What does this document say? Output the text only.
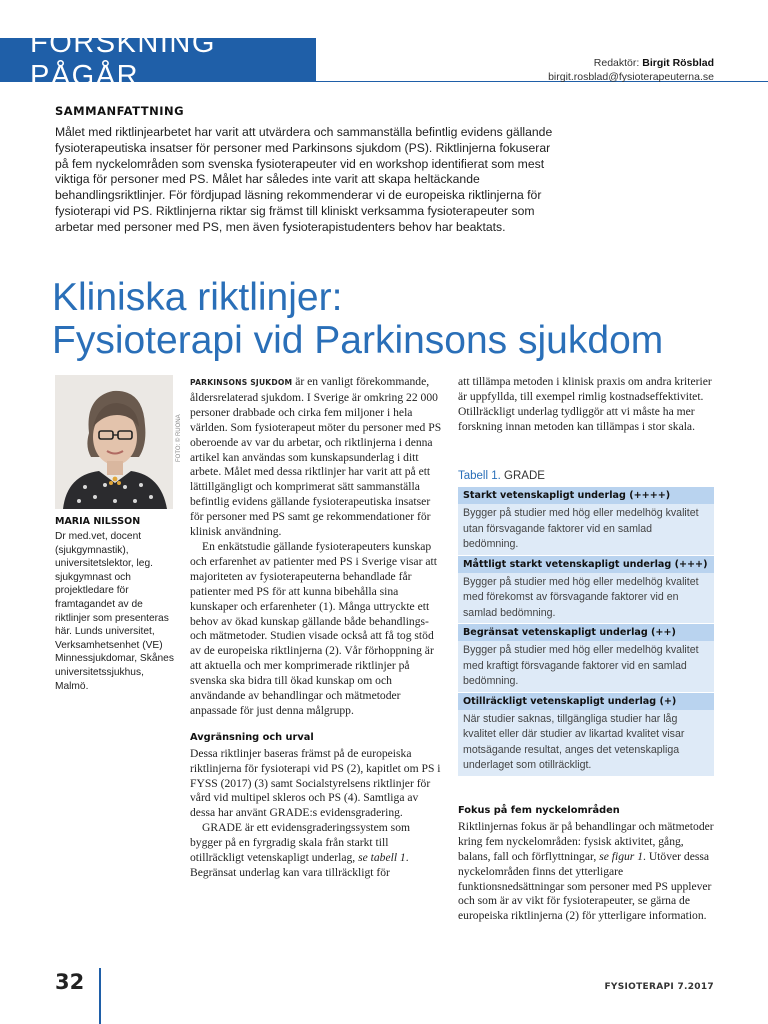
FORSKNING PÅGÅR	Redaktör: Birgit Rösblad
birgit.rosblad@fysioterapeuterna.se
SAMMANFATTNING
Målet med riktlinjearbetet har varit att utvärdera och sammanställa befintlig evidens gällande fysioterapeutiska insatser för personer med Parkinsons sjukdom (PS). Riktlinjerna fokuserar på fem nyckelområden som svenska fysioterapeuter vid en workshop identifierat som mest viktiga för personer med PS. Målet har således inte varit att skapa heltäckande behandlingsriktlinjer. För fördjupad läsning rekommenderar vi de europeiska riktlinjerna för fysioterapi vid PS. Riktlinjerna riktar sig främst till kliniskt verksamma fysioterapeuter som arbetar med personer med PS, men även fysioterapistudenters behov har beaktats.
Kliniska riktlinjer:
Fysioterapi vid Parkinsons sjukdom
FOTO: © RUONA
MARIA NILSSON
Dr med.vet, docent (sjukgymnastik), universitetslektor, leg. sjukgymnast och projektledare för framtagandet av de riktlinjer som presenteras här. Lunds universitet, Verksamhetsenhet (VE) Minnessjukdomar, Skånes universitetssjukhus, Malmö.

PARKINSONS SJUKDOM är en vanligt förekommande, åldersrelaterad sjukdom. I Sverige är omkring 22 000 personer drabbade och cirka fem miljoner i hela världen. Som fysioterapeut möter du personer med PS oberoende av var du arbetar, och riktlinjerna i denna artikel kan användas som kunskapsunderlag i ditt arbete. Målet med dessa riktlinjer har varit att på ett lättillgängligt och komprimerat sätt sammanställa befintlig evidens gällande fysioterapeutiska insatser för personer med PS samt ge rekommendationer för klinisk användning.

En enkätstudie gällande fysioterapeuters kunskap och erfarenhet av patienter med PS i Sverige visar att majoriteten av fysioterapeuterna behandlade får patienter med PS för att kunna bibehålla sina kunskaper och erfarenheter (1). Många uttryckte ett behov av ökad kunskap gällande både behandlings- och mätmetoder. Studien visade också att få tog stöd av de europeiska riktlinjerna (2). Vår förhoppning är att aktuella och mer komprimerade riktlinjer på svenska ska bidra till ökad kunskap om och användande av behandlingar och mätmetoder anpassade för just denna målgrupp.

Avgränsning och urval

Dessa riktlinjer baseras främst på de europeiska riktlinjerna för fysioterapi vid PS (2), kapitlet om PS i FYSS (2017) (3) samt Socialstyrelsens riktlinjer för vård vid multipel skleros och PS (4). Samtliga av dessa har använt GRADE:s evidensgradering.

GRADE är ett evidensgraderingssystem som bygger på en fyrgradig skala från starkt till otillräckligt vetenskapligt underlag, se tabell 1. Begränsat underlag kan vara tillräckligt för

att tillämpa metoden i klinisk praxis om andra kriterier är uppfyllda, till exempel rimlig kostnadseffektivitet. Otillräckligt underlag tydliggör att vi måste ha mer forskning innan metoden kan tillämpas i stor skala.

Tabell 1. GRADE
Starkt vetenskapligt underlag (++++)
Bygger på studier med hög eller medelhög kvalitet utan försvagande faktorer vid en samlad bedömning.
Måttligt starkt vetenskapligt underlag (+++)
Bygger på studier med hög eller medelhög kvalitet med förekomst av försvagande faktorer vid en samlad bedömning.
Begränsat vetenskapligt underlag (++)
Bygger på studier med hög eller medelhög kvalitet med kraftigt försvagande faktorer vid en samlad bedömning.
Otillräckligt vetenskapligt underlag (+)
När studier saknas, tillgängliga studier har låg kvalitet eller där studier av likartad kvalitet visar motsägande resultat, anges det vetenskapliga underlaget som otillräckligt.
Fokus på fem nyckelområden

Riktlinjernas fokus är på behandlingar och mätmetoder kring fem nyckelområden: fysisk aktivitet, gång, balans, fall och förflyttningar, se figur 1. Utöver dessa nyckelområden finns det ytterligare funktionsnedsättningar som personer med PS upplever och som är av vikt för fysioterapeuter, se gärna de europeiska riktlinjerna (2) för ytterligare information.

32	FYSIOTERAPI 7.2017
